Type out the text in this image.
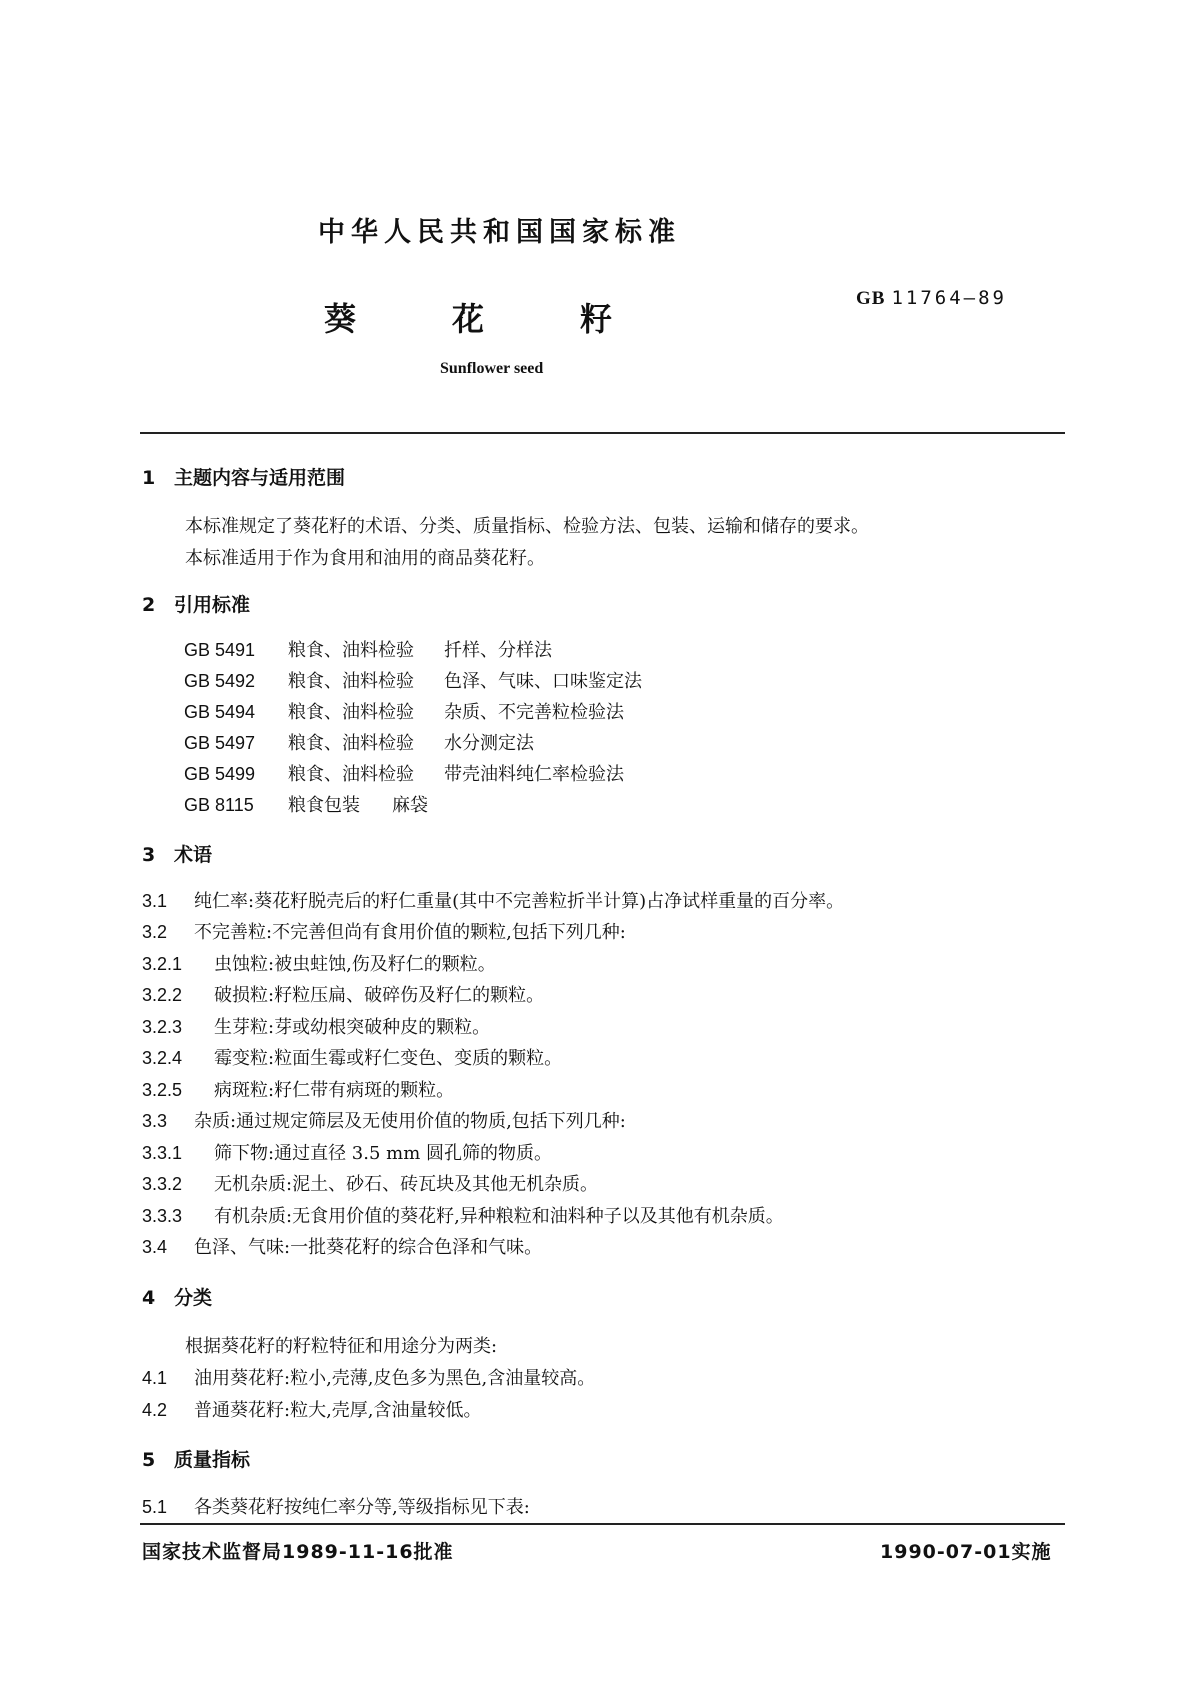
中华人民共和国国家标准
葵	花	籽
GB 11764—89
Sunflower seed
1 主题内容与适用范围
本标准规定了葵花籽的术语、分类、质量指标、检验方法、包装、运输和储存的要求。
本标准适用于作为食用和油用的商品葵花籽。
2 引用标准
GB 5491 粮食、油料检验 扦样、分样法
GB 5492 粮食、油料检验 色泽、气味、口味鉴定法
GB 5494 粮食、油料检验 杂质、不完善粒检验法
GB 5497 粮食、油料检验 水分测定法
GB 5499 粮食、油料检验 带壳油料纯仁率检验法
GB 8115 粮食包装 麻袋
3 术语
3.1 纯仁率:葵花籽脱壳后的籽仁重量(其中不完善粒折半计算)占净试样重量的百分率。
3.2 不完善粒:不完善但尚有食用价值的颗粒,包括下列几种:
3.2.1 虫蚀粒:被虫蛀蚀,伤及籽仁的颗粒。
3.2.2 破损粒:籽粒压扁、破碎伤及籽仁的颗粒。
3.2.3 生芽粒:芽或幼根突破种皮的颗粒。
3.2.4 霉变粒:粒面生霉或籽仁变色、变质的颗粒。
3.2.5 病斑粒:籽仁带有病斑的颗粒。
3.3 杂质:通过规定筛层及无使用价值的物质,包括下列几种:
3.3.1 筛下物:通过直径 3.5 mm 圆孔筛的物质。
3.3.2 无机杂质:泥土、砂石、砖瓦块及其他无机杂质。
3.3.3 有机杂质:无食用价值的葵花籽,异种粮粒和油料种子以及其他有机杂质。
3.4 色泽、气味:一批葵花籽的综合色泽和气味。
4 分类
根据葵花籽的籽粒特征和用途分为两类:
4.1 油用葵花籽:粒小,壳薄,皮色多为黑色,含油量较高。
4.2 普通葵花籽:粒大,壳厚,含油量较低。
5 质量指标
5.1 各类葵花籽按纯仁率分等,等级指标见下表:
国家技术监督局1989-11-16批准	1990-07-01实施
